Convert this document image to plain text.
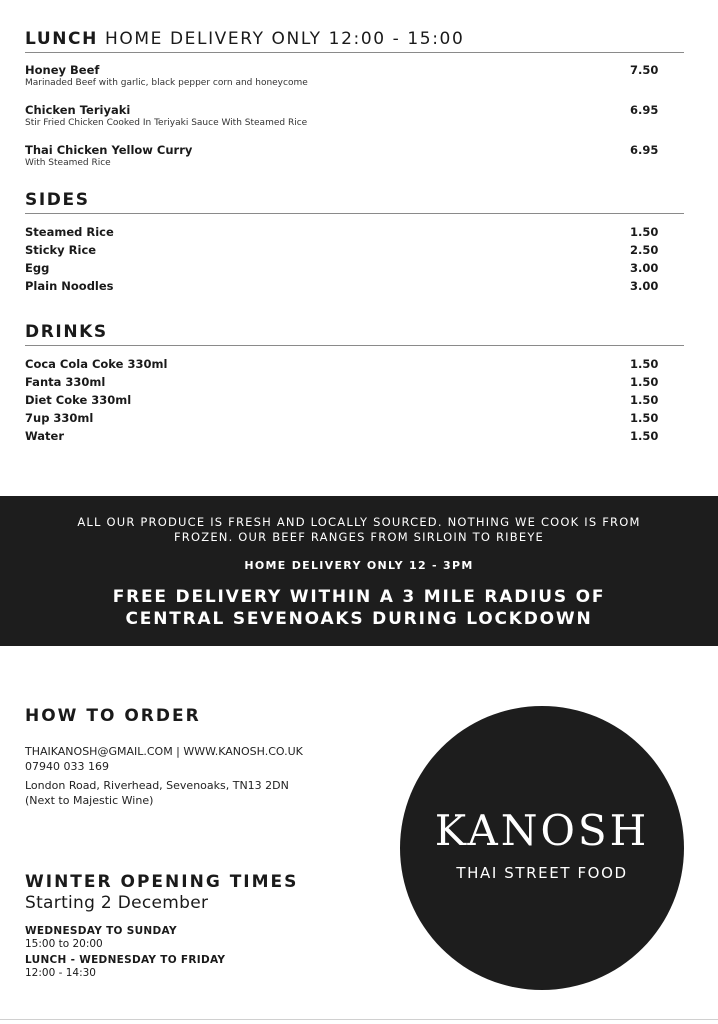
LUNCH HOME DELIVERY ONLY 12:00 - 15:00
Honey Beef
Marinaded Beef with garlic, black pepper corn and honeycome
7.50
Chicken Teriyaki
Stir Fried Chicken Cooked In Teriyaki Sauce With Steamed Rice
6.95
Thai Chicken Yellow Curry
With Steamed Rice
6.95
SIDES
Steamed Rice	1.50
Sticky Rice	2.50
Egg	3.00
Plain Noodles	3.00
DRINKS
Coca Cola Coke 330ml	1.50
Fanta 330ml	1.50
Diet Coke 330ml	1.50
7up 330ml	1.50
Water	1.50
ALL OUR PRODUCE IS FRESH AND LOCALLY SOURCED. NOTHING WE COOK IS FROM FROZEN. OUR BEEF RANGES FROM SIRLOIN TO RIBEYE
HOME DELIVERY ONLY 12 - 3PM
FREE DELIVERY WITHIN A 3 MILE RADIUS OF CENTRAL SEVENOAKS DURING LOCKDOWN
HOW TO ORDER
THAIKANOSH@GMAIL.COM | WWW.KANOSH.CO.UK
07940 033 169
London Road, Riverhead, Sevenoaks, TN13 2DN
(Next to Majestic Wine)
WINTER OPENING TIMES
Starting 2 December
WEDNESDAY TO SUNDAY
15:00 to 20:00
LUNCH - WEDNESDAY TO FRIDAY
12:00 - 14:30
KANOSH
THAI STREET FOOD
